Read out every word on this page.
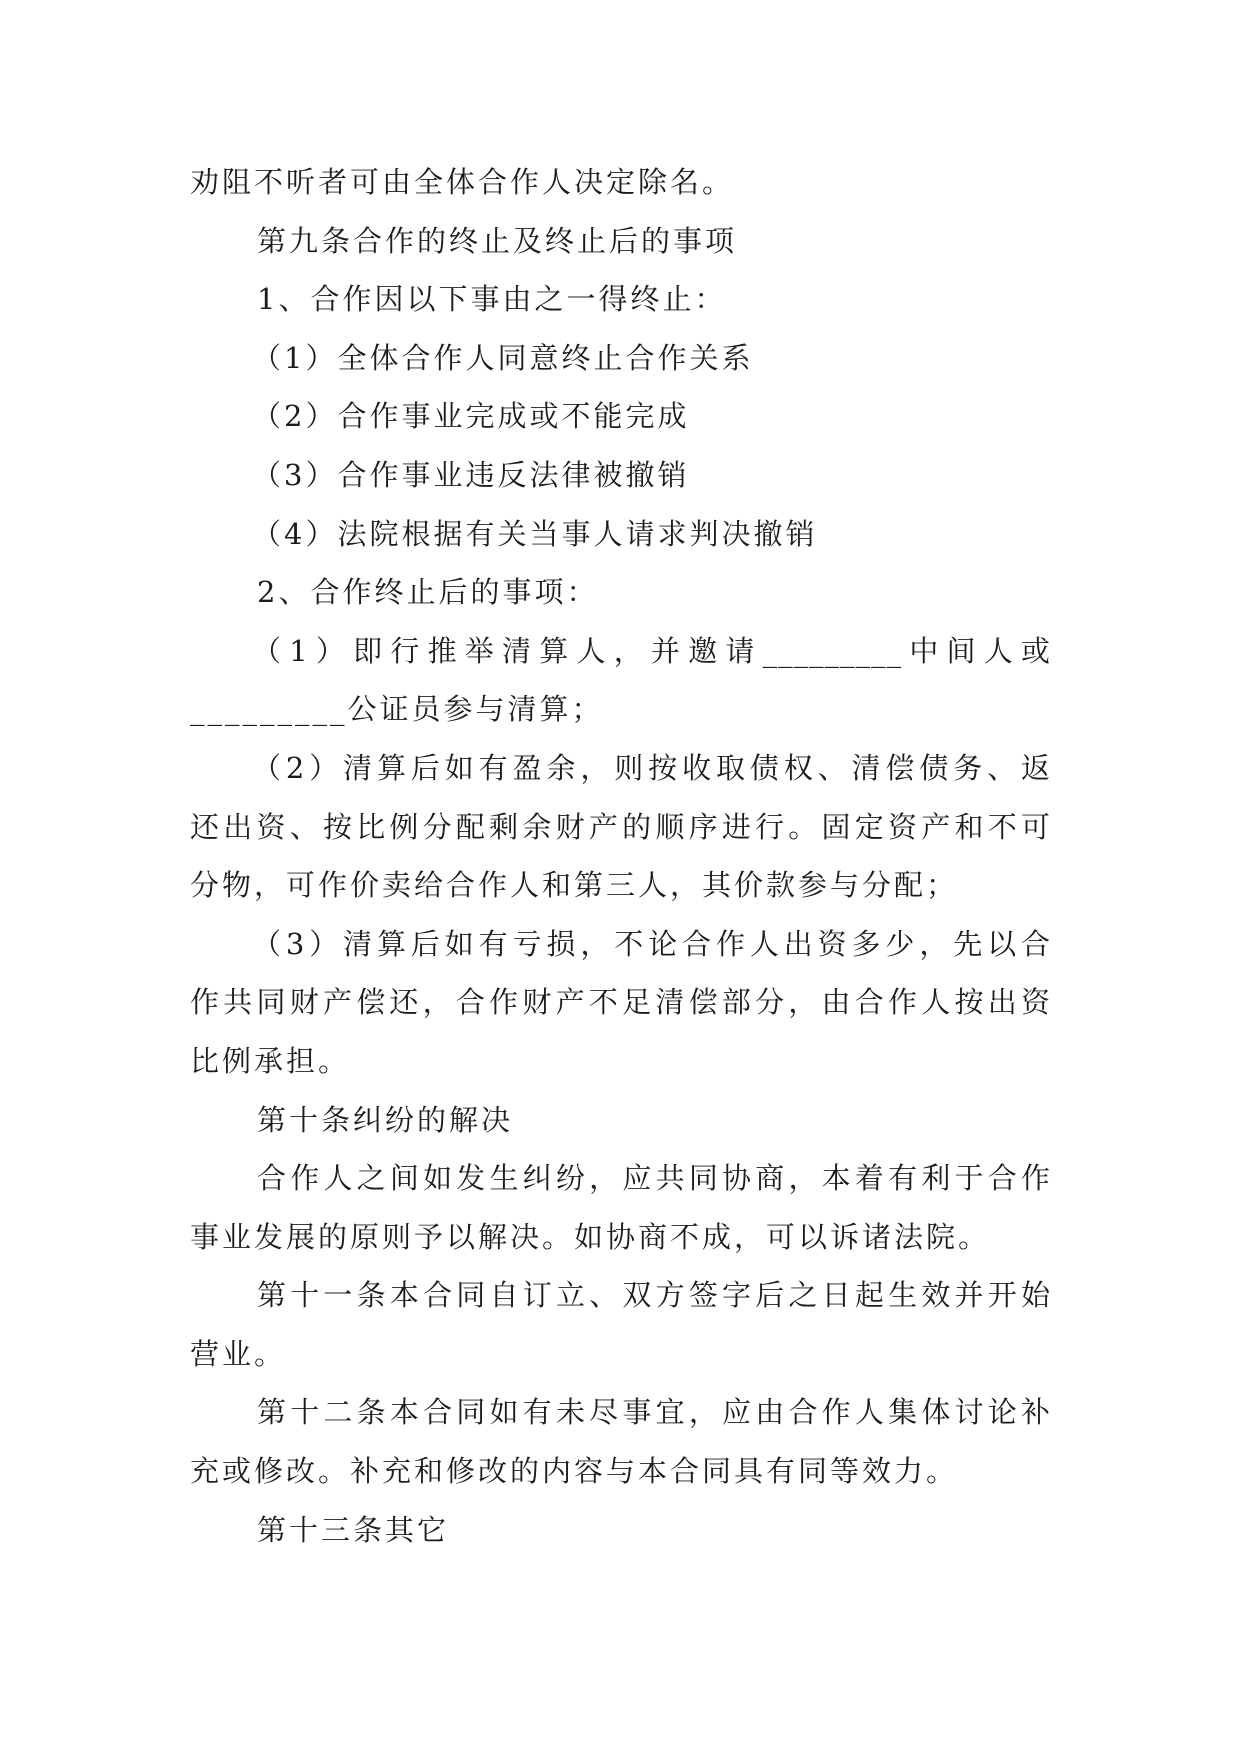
劝阻不听者可由全体合作人决定除名。

第九条合作的终止及终止后的事项

1、合作因以下事由之一得终止：

（1）全体合作人同意终止合作关系

（2）合作事业完成或不能完成

（3）合作事业违反法律被撤销

（4）法院根据有关当事人请求判决撤销

2、合作终止后的事项：

（1）即行推举清算人，并邀请_________中间人或

_________公证员参与清算；

（2）清算后如有盈余，则按收取债权、清偿债务、返

还出资、按比例分配剩余财产的顺序进行。固定资产和不可

分物，可作价卖给合作人和第三人，其价款参与分配；

（3）清算后如有亏损，不论合作人出资多少，先以合

作共同财产偿还，合作财产不足清偿部分，由合作人按出资

比例承担。

第十条纠纷的解决

合作人之间如发生纠纷，应共同协商，本着有利于合作

事业发展的原则予以解决。如协商不成，可以诉诸法院。

第十一条本合同自订立、双方签字后之日起生效并开始

营业。

第十二条本合同如有未尽事宜，应由合作人集体讨论补

充或修改。补充和修改的内容与本合同具有同等效力。

第十三条其它
